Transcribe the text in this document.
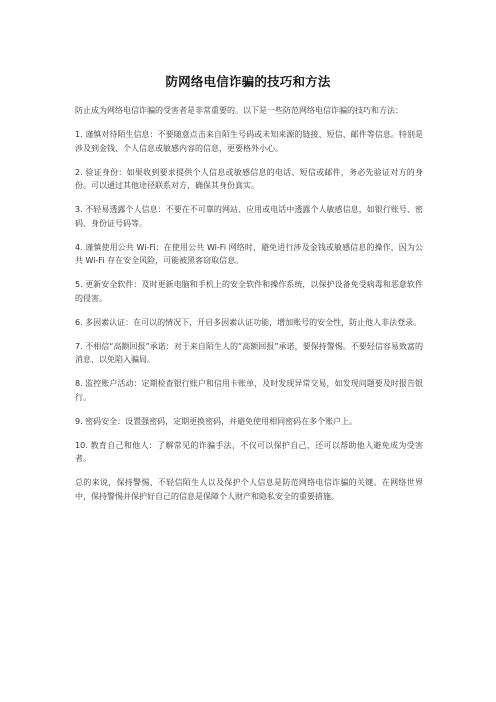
防网络电信诈骗的技巧和方法

防止成为网络电信诈骗的受害者是非常重要的。以下是一些防范网络电信诈骗的技巧和方法：

1. 谨慎对待陌生信息：不要随意点击来自陌生号码或未知来源的链接、短信、邮件等信息。特别是涉及到金钱、个人信息或敏感内容的信息，更要格外小心。

2. 验证身份：如果收到要求提供个人信息或敏感信息的电话、短信或邮件，务必先验证对方的身份。可以通过其他途径联系对方，确保其身份真实。

3. 不轻易透露个人信息：不要在不可靠的网站、应用或电话中透露个人敏感信息，如银行账号、密码、身份证号码等。

4. 谨慎使用公共 Wi-Fi：在使用公共 Wi-Fi 网络时，避免进行涉及金钱或敏感信息的操作，因为公共 Wi-Fi 存在安全风险，可能被黑客窃取信息。

5. 更新安全软件：及时更新电脑和手机上的安全软件和操作系统，以保护设备免受病毒和恶意软件的侵害。

6. 多因素认证：在可以的情况下，开启多因素认证功能，增加账号的安全性，防止他人非法登录。

7. 不相信“高额回报”承诺：对于来自陌生人的“高额回报”承诺，要保持警惕。不要轻信容易致富的消息，以免陷入骗局。

8. 监控账户活动：定期检查银行账户和信用卡账单，及时发现异常交易，如发现问题要及时报告银行。

9. 密码安全：设置强密码，定期更换密码，并避免使用相同密码在多个账户上。

10. 教育自己和他人：了解常见的诈骗手法，不仅可以保护自己，还可以帮助他人避免成为受害者。

总的来说，保持警惕、不轻信陌生人以及保护个人信息是防范网络电信诈骗的关键。在网络世界中，保持警惕并保护好自己的信息是保障个人财产和隐私安全的重要措施。
